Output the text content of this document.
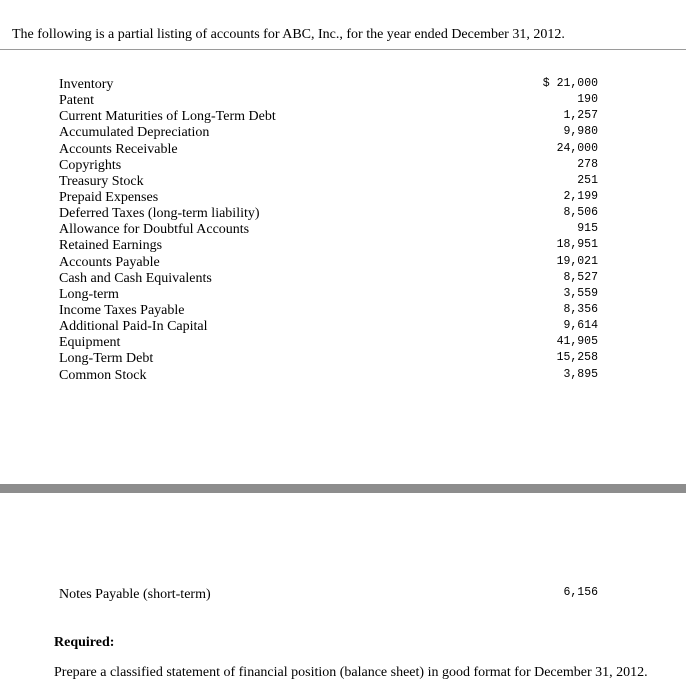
The following is a partial listing of accounts for ABC, Inc., for the year ended December 31, 2012.
Inventory	$ 21,000
Patent	190
Current Maturities of Long-Term Debt	1,257
Accumulated Depreciation	9,980
Accounts Receivable	24,000
Copyrights	278
Treasury Stock	251
Prepaid Expenses	2,199
Deferred Taxes (long-term liability)	8,506
Allowance for Doubtful Accounts	915
Retained Earnings	18,951
Accounts Payable	19,021
Cash and Cash Equivalents	8,527
Long-term	3,559
Income Taxes Payable	8,356
Additional Paid-In Capital	9,614
Equipment	41,905
Long-Term Debt	15,258
Common Stock	3,895
Notes Payable (short-term)	6,156
Required:
Prepare a classified statement of financial position (balance sheet) in good format for December 31, 2012.
